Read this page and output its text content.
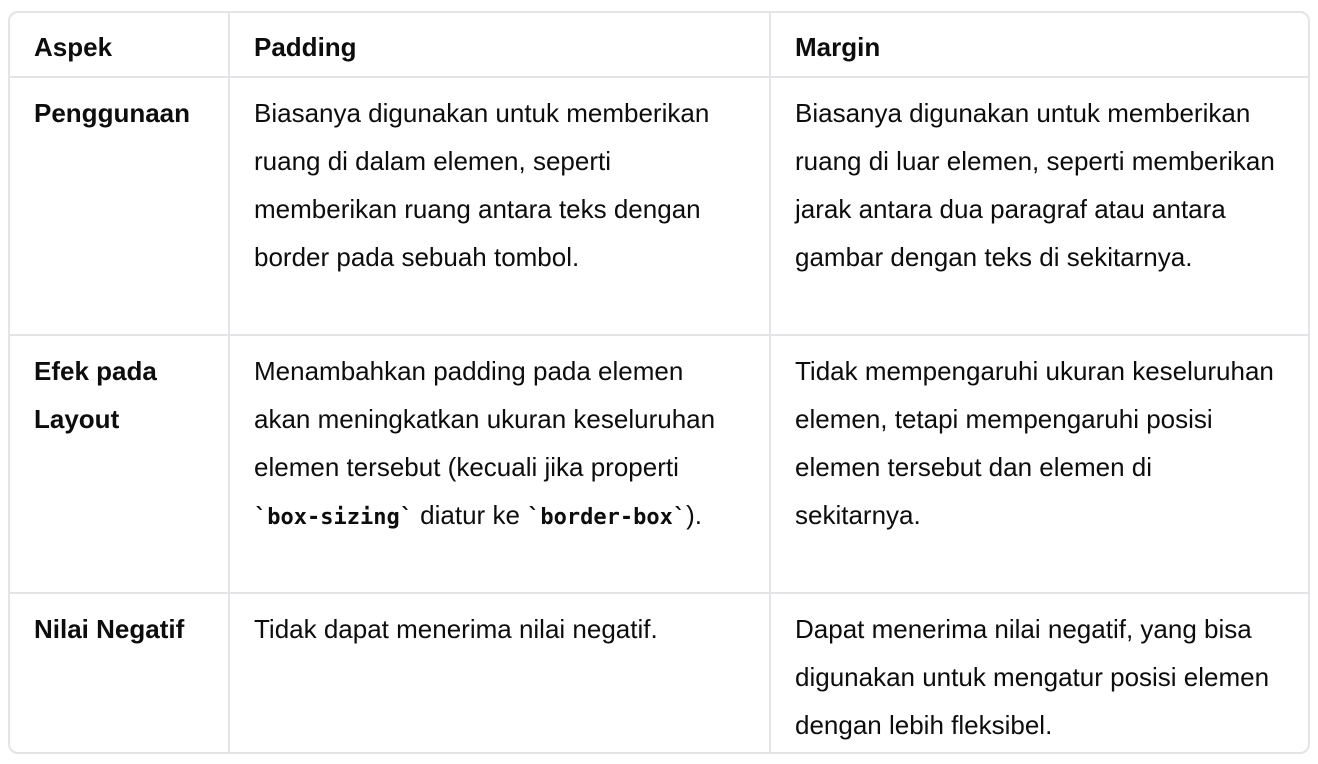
Aspek	Padding	Margin
Penggunaan	Biasanya digunakan untuk memberikan ruang di dalam elemen, seperti memberikan ruang antara teks dengan border pada sebuah tombol.	Biasanya digunakan untuk memberikan ruang di luar elemen, seperti memberikan jarak antara dua paragraf atau antara gambar dengan teks di sekitarnya.
Efek pada Layout	Menambahkan padding pada elemen akan meningkatkan ukuran keseluruhan elemen tersebut (kecuali jika properti `box-sizing` diatur ke `border-box`).	Tidak mempengaruhi ukuran keseluruhan elemen, tetapi mempengaruhi posisi elemen tersebut dan elemen di sekitarnya.
Nilai Negatif	Tidak dapat menerima nilai negatif.	Dapat menerima nilai negatif, yang bisa digunakan untuk mengatur posisi elemen dengan lebih fleksibel.
